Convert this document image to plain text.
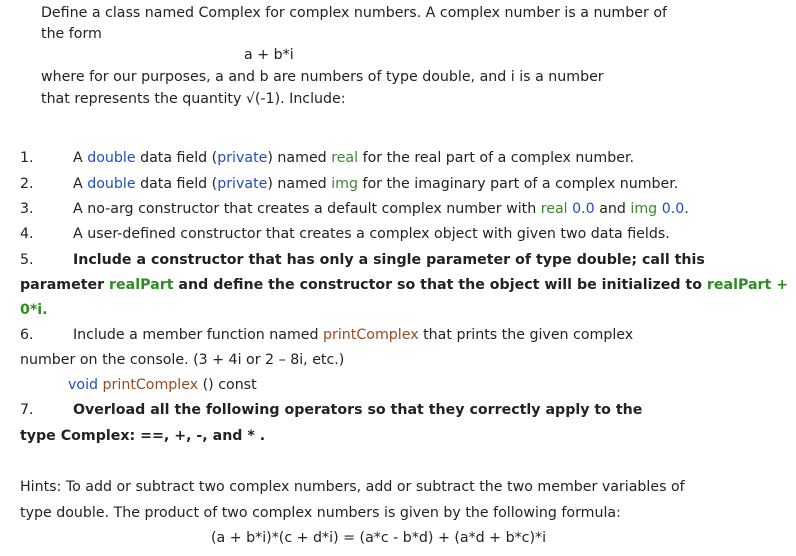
Define a class named Complex for complex numbers. A complex number is a number of
the form
a + b*i
where for our purposes, a and b are numbers of type double, and i is a number
that represents the quantity √(-1). Include:
1.	A double data field (private) named real for the real part of a complex number.
2.	A double data field (private) named img for the imaginary part of a complex number.
3.	A no-arg constructor that creates a default complex number with real 0.0 and img 0.0.
4.	A user-defined constructor that creates a complex object with given two data fields.
5.	Include a constructor that has only a single parameter of type double; call this
parameter realPart and define the constructor so that the object will be initialized to realPart +
0*i.
6.	Include a member function named printComplex that prints the given complex
number on the console. (3 + 4i or 2 – 8i, etc.)
void printComplex () const
7.	Overload all the following operators so that they correctly apply to the
type Complex: ==, +, -, and * .
Hints: To add or subtract two complex numbers, add or subtract the two member variables of
type double. The product of two complex numbers is given by the following formula:
(a + b*i)*(c + d*i) = (a*c - b*d) + (a*d + b*c)*i
